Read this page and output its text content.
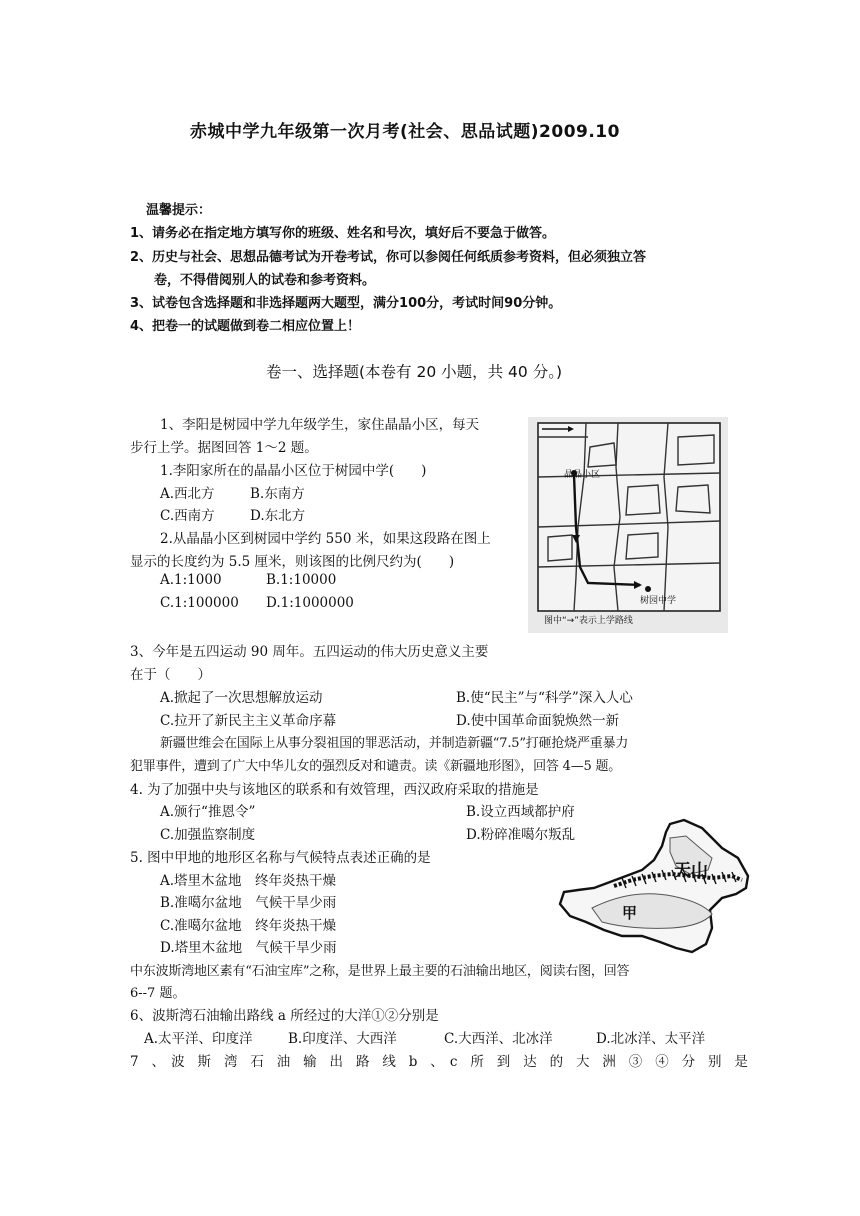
赤城中学九年级第一次月考(社会、思品试题)2009.10
温馨提示：
1、请务必在指定地方填写你的班级、姓名和号次，填好后不要急于做答。
2、历史与社会、思想品德考试为开卷考试，你可以参阅任何纸质参考资料，但必须独立答
卷，不得借阅别人的试卷和参考资料。
3、试卷包含选择题和非选择题两大题型，满分100分，考试时间90分钟。
4、把卷一的试题做到卷二相应位置上！
卷一、选择题(本卷有 20 小题，共 40 分。)
1、李阳是树园中学九年级学生，家住晶晶小区，每天
步行上学。据图回答 1～2 题。
1.李阳家所在的晶晶小区位于树园中学(　　)
A.西北方	B.东南方
C.西南方	D.东北方
2.从晶晶小区到树园中学约 550 米，如果这段路在图上
显示的长度约为 5.5 厘米，则该图的比例尺约为(　　)
A.1:1000	B.1:10000
C.1:100000 D.1:1000000
晶晶小区
树园中学
图中“→”表示上学路线
3、今年是五四运动 90 周年。五四运动的伟大历史意义主要
在于（　　）
A.掀起了一次思想解放运动	B.使“民主”与“科学”深入人心
C.拉开了新民主主义革命序幕	D.使中国革命面貌焕然一新
新疆世维会在国际上从事分裂祖国的罪恶活动，并制造新疆“7.5”打砸抢烧严重暴力
犯罪事件，遭到了广大中华儿女的强烈反对和谴责。读《新疆地形图》，回答 4—5 题。
4. 为了加强中央与该地区的联系和有效管理，西汉政府采取的措施是
A.颁行“推恩令”	B.设立西域都护府
C.加强监察制度	D.粉碎准噶尔叛乱
5. 图中甲地的地形区名称与气候特点表述正确的是
A.塔里木盆地　终年炎热干燥
B.准噶尔盆地　气候干旱少雨
C.准噶尔盆地　终年炎热干燥
D.塔里木盆地　气候干旱少雨
天山
甲
中东波斯湾地区素有“石油宝库”之称，是世界上最主要的石油输出地区，阅读右图，回答
6--7 题。
6、波斯湾石油输出路线 a 所经过的大洋①②分别是
A.太平洋、印度洋	B.印度洋、大西洋	C.大西洋、北冰洋	D.北冰洋、太平洋
7　、　波　斯　湾　石　油　输　出　路　线　b　、　c　所　到　达　的　大　洲　③　④　分　别　是
